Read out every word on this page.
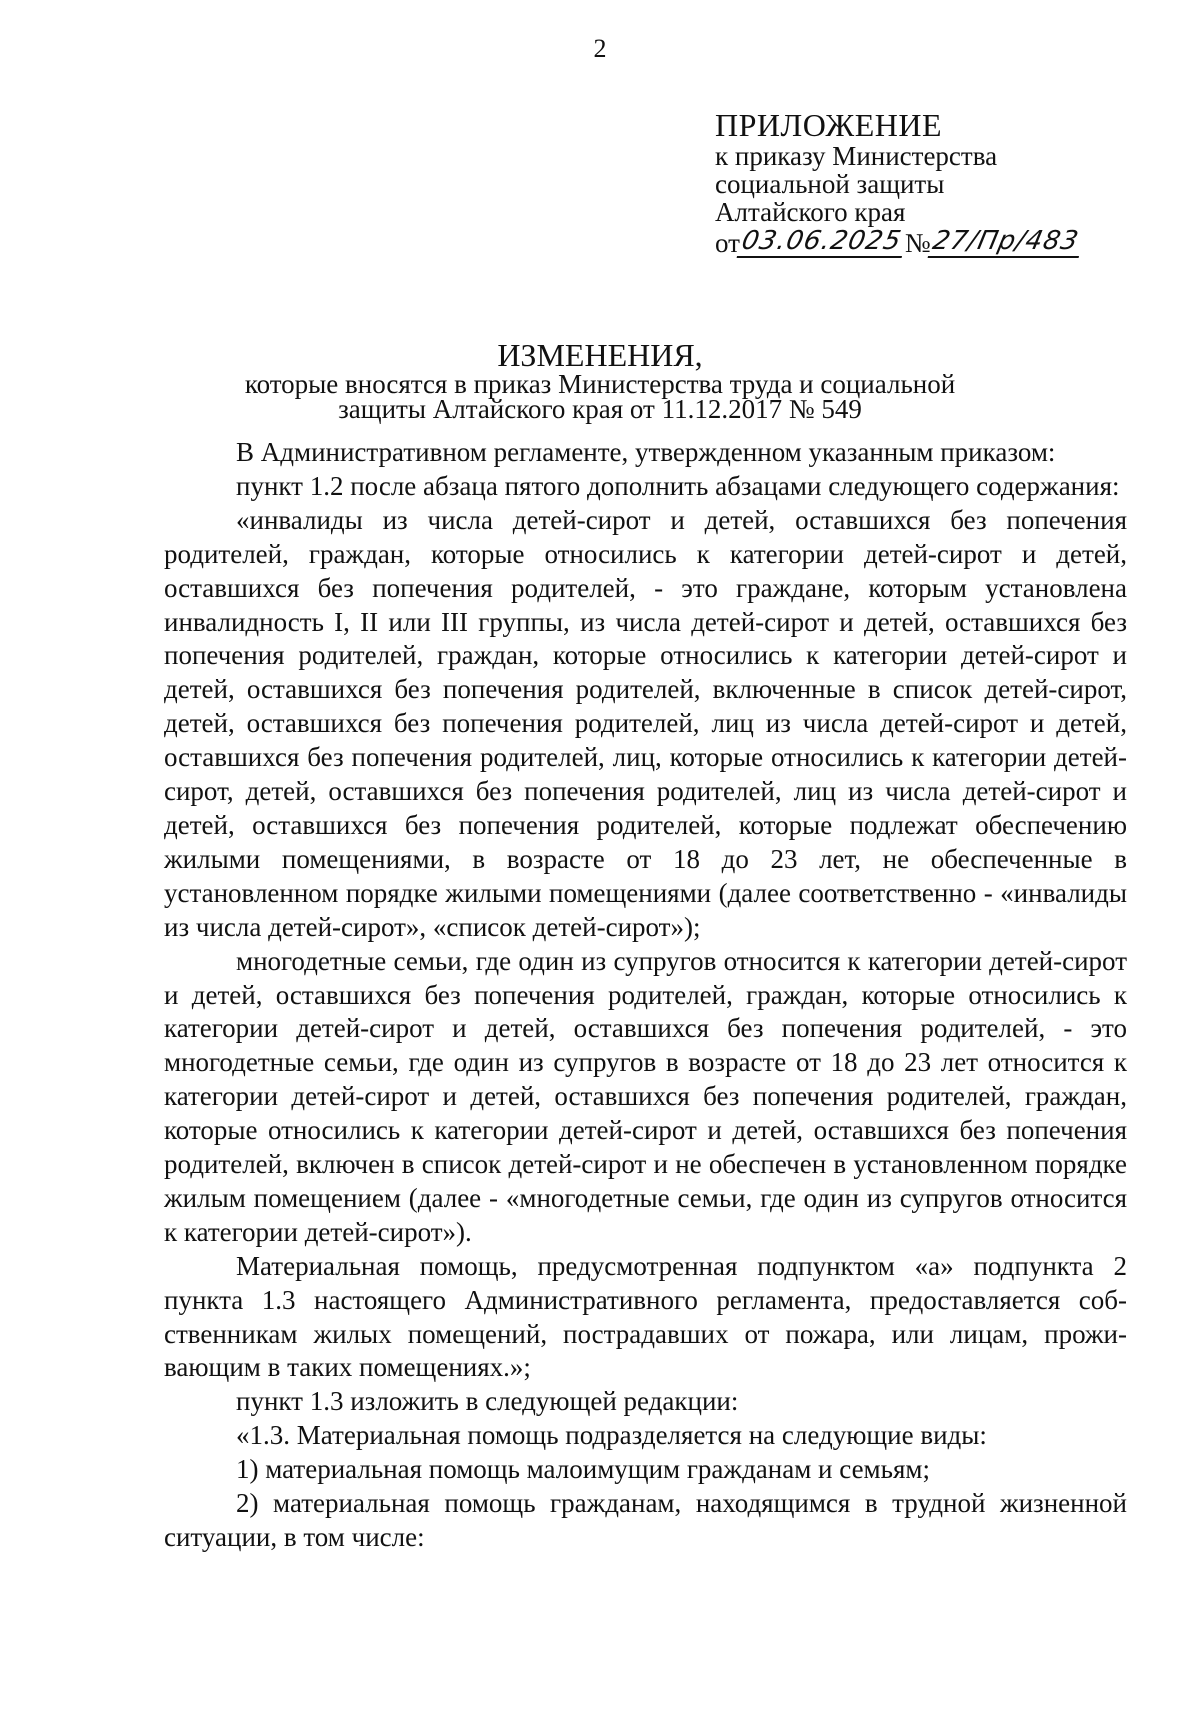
2
ПРИЛОЖЕНИЕ
к приказу Министерства
социальной защиты
Алтайского края
от 03.06.2025 № 27/Пр/483
ИЗМЕНЕНИЯ,
которые вносятся в приказ Министерства труда и социальной
защиты Алтайского края от 11.12.2017 № 549

В Административном регламенте, утвержденном указанным приказом:

пункт 1.2 после абзаца пятого дополнить абзацами следующего содержания:

«инвалиды из числа детей-сирот и детей, оставшихся без попечения родителей, граждан, которые относились к категории детей-сирот и детей, оставшихся без попечения родителей, - это граждане, которым установлена инвалидность I, II или III группы, из числа детей-сирот и детей, оставшихся без попечения родителей, граждан, которые относились к категории детей-сирот и детей, оставшихся без попечения родителей, включенные в список детей-сирот, детей, оставшихся без попечения родителей, лиц из числа детей-сирот и детей, оставшихся без попечения родителей, лиц, которые относились к категории детей-сирот, детей, оставшихся без попечения родителей, лиц из числа детей-сирот и детей, оставшихся без попечения родителей, которые подлежат обеспечению жилыми помещениями, в возрасте от 18 до 23 лет, не обеспеченные в установленном порядке жилыми помещениями (далее соответственно - «инвалиды из числа детей-сирот», «список детей-сирот»);

многодетные семьи, где один из супругов относится к категории детей-сирот и детей, оставшихся без попечения родителей, граждан, которые относились к категории детей-сирот и детей, оставшихся без попечения родителей, - это многодетные семьи, где один из супругов в возрасте от 18 до 23 лет относится к категории детей-сирот и детей, оставшихся без попечения родителей, граждан, которые относились к категории детей-сирот и детей, оставшихся без попечения родителей, включен в список детей-сирот и не обеспечен в установленном порядке жилым помещением (далее - «многодетные семьи, где один из супругов относится к категории детей-сирот»).

Материальная помощь, предусмотренная подпунктом «а» подпункта 2 пункта 1.3 настоящего Административного регламента, предоставляется собственникам жилых помещений, пострадавших от пожара, или лицам, проживающим в таких помещениях.»;

пункт 1.3 изложить в следующей редакции:

«1.3. Материальная помощь подразделяется на следующие виды:

1) материальная помощь малоимущим гражданам и семьям;

2) материальная помощь гражданам, находящимся в трудной жизненной ситуации, в том числе:
